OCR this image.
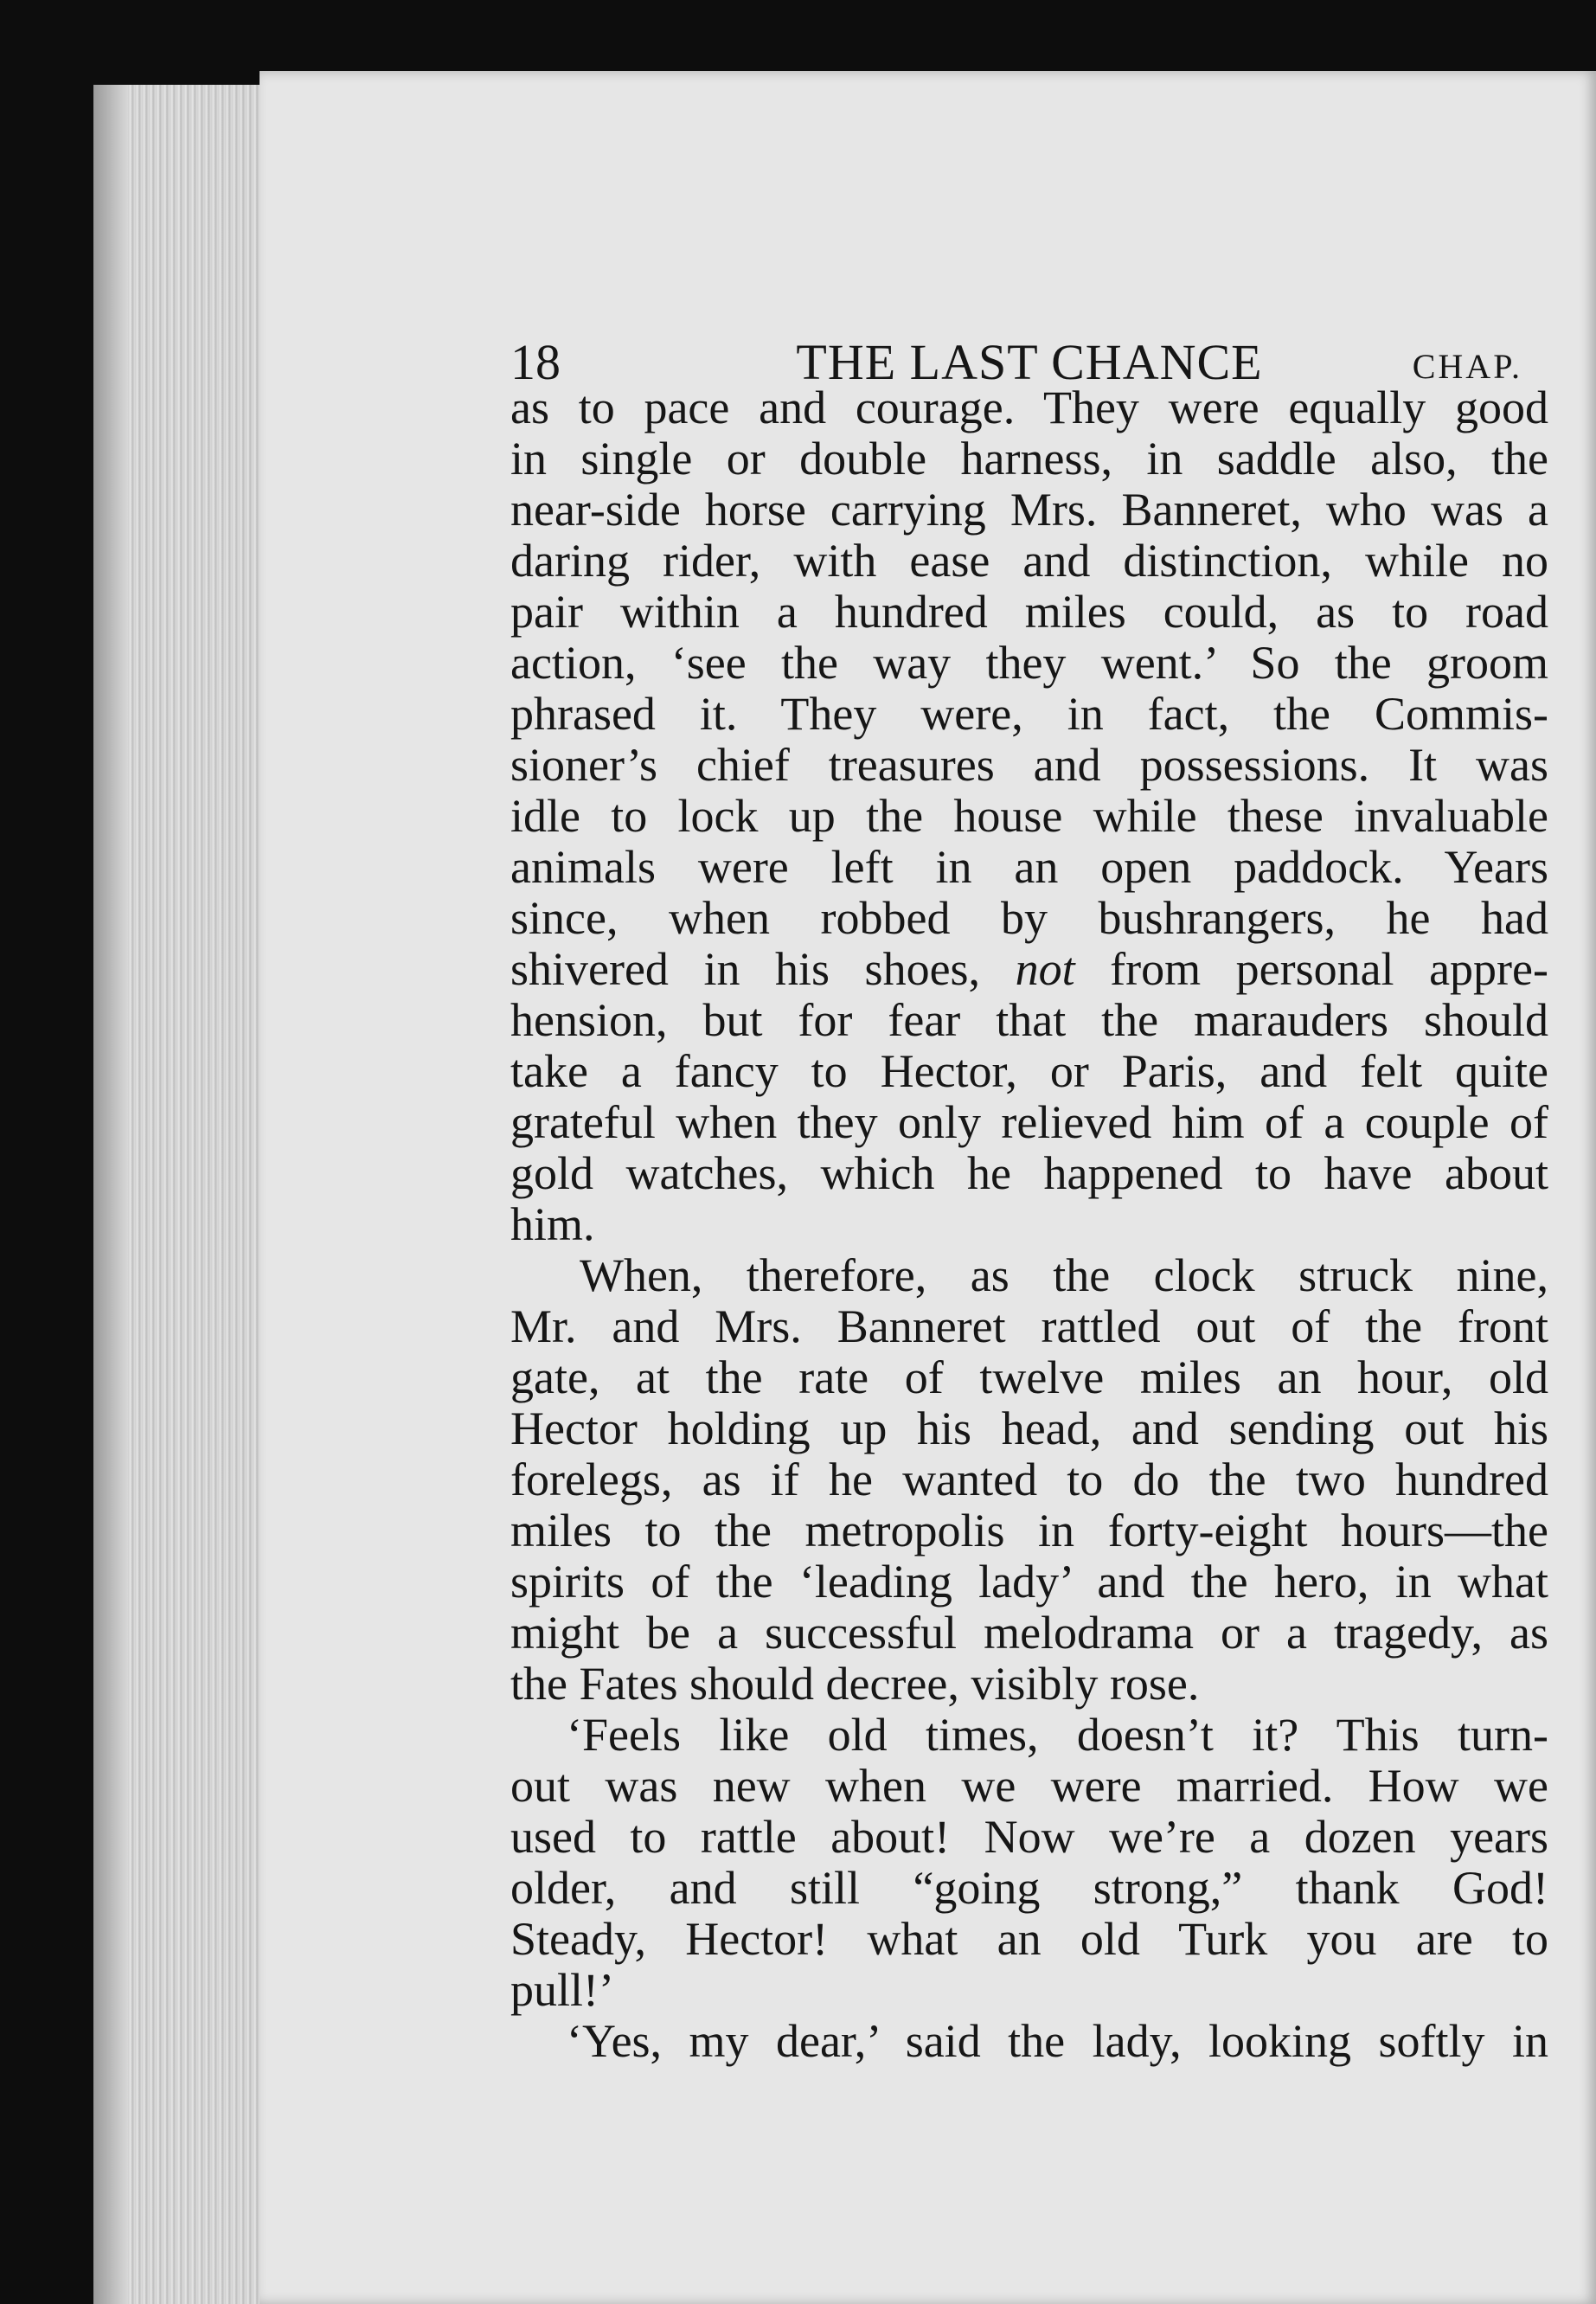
18	THE LAST CHANCE	CHAP.
as to pace and courage. They were equally good
in single or double harness, in saddle also, the
near-side horse carrying Mrs. Banneret, who was a
daring rider, with ease and distinction, while no
pair within a hundred miles could, as to road
action, ‘see the way they went.’ So the groom
phrased it. They were, in fact, the Commis-
sioner’s chief treasures and possessions. It was
idle to lock up the house while these invaluable
animals were left in an open paddock. Years
since, when robbed by bushrangers, he had
shivered in his shoes, not from personal appre-
hension, but for fear that the marauders should
take a fancy to Hector, or Paris, and felt quite
grateful when they only relieved him of a couple of
gold watches, which he happened to have about
him.
When, therefore, as the clock struck nine,
Mr. and Mrs. Banneret rattled out of the front
gate, at the rate of twelve miles an hour, old
Hector holding up his head, and sending out his
forelegs, as if he wanted to do the two hundred
miles to the metropolis in forty-eight hours—the
spirits of the ‘leading lady’ and the hero, in what
might be a successful melodrama or a tragedy, as
the Fates should decree, visibly rose.
‘Feels like old times, doesn’t it? This turn-
out was new when we were married. How we
used to rattle about! Now we’re a dozen years
older, and still “going strong,” thank God!
Steady, Hector! what an old Turk you are to
pull!’
‘Yes, my dear,’ said the lady, looking softly in
